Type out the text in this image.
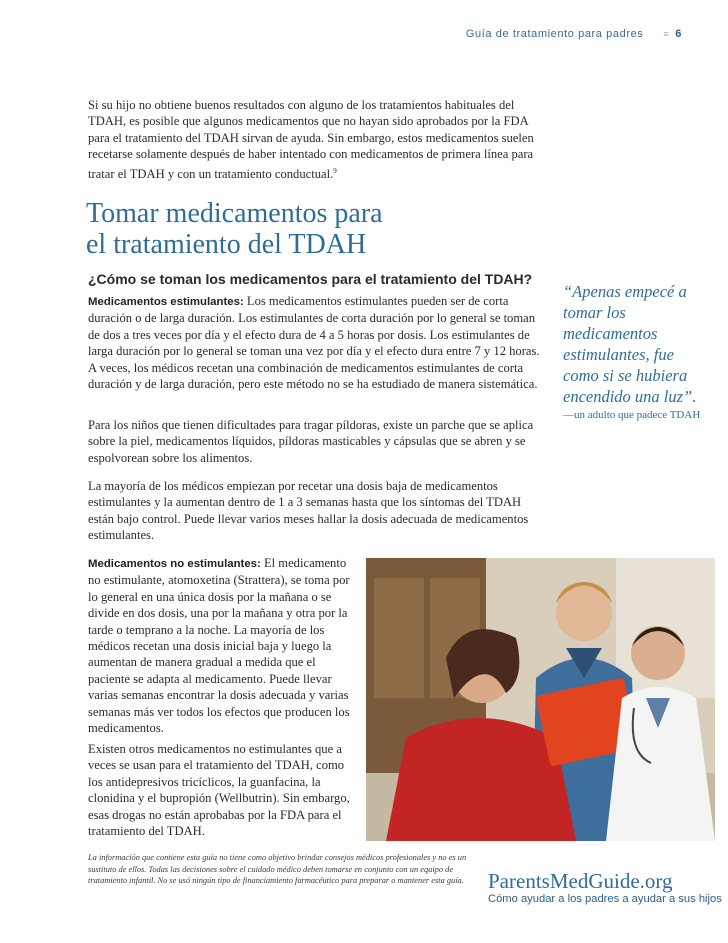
Guía de tratamiento para padres ≡ 6
Si su hijo no obtiene buenos resultados con alguno de los tratamientos habituales del TDAH, es posible que algunos medicamentos que no hayan sido aprobados por la FDA para el tratamiento del TDAH sirvan de ayuda. Sin embargo, estos medicamentos suelen recetarse solamente después de haber intentado con medicamentos de primera línea para tratar el TDAH y con un tratamiento conductual.$^9$
Tomar medicamentos para
el tratamiento del TDAH
¿Cómo se toman los medicamentos para el tratamiento del TDAH?
Medicamentos estimulantes: Los medicamentos estimulantes pueden ser de corta duración o de larga duración. Los estimulantes de corta duración por lo general se toman de dos a tres veces por día y el efecto dura de 4 a 5 horas por dosis. Los estimulantes de larga duración por lo general se toman una vez por día y el efecto dura entre 7 y 12 horas. A veces, los médicos recetan una combinación de medicamentos estimulantes de corta duración y de larga duración, pero este método no se ha estudiado de manera sistemática.
Para los niños que tienen dificultades para tragar píldoras, existe un parche que se aplica sobre la piel, medicamentos líquidos, píldoras masticables y cápsulas que se abren y se espolvorean sobre los alimentos.
La mayoría de los médicos empiezan por recetar una dosis baja de medicamentos estimulantes y la aumentan dentro de 1 a 3 semanas hasta que los síntomas del TDAH están bajo control. Puede llevar varios meses hallar la dosis adecuada de medicamentos estimulantes.
Medicamentos no estimulantes: El medicamento no estimulante, atomoxetina (Strattera), se toma por lo general en una única dosis por la mañana o se divide en dos dosis, una por la mañana y otra por la tarde o temprano a la noche. La mayoría de los médicos recetan una dosis inicial baja y luego la aumentan de manera gradual a medida que el paciente se adapta al medicamento. Puede llevar varias semanas encontrar la dosis adecuada y varias semanas más ver todos los efectos que producen los medicamentos.
Existen otros medicamentos no estimulantes que a veces se usan para el tratamiento del TDAH, como los antidepresivos tricíclicos, la guanfacina, la clonidina y el bupropión (Wellbutrin). Sin embargo, esas drogas no están aprobabas por la FDA para el tratamiento del TDAH.
“Apenas empecé a tomar los medicamentos estimulantes, fue como si se hubiera encendido una luz”.
—un adulto que padece TDAH
La información que contiene esta guía no tiene como objetivo brindar consejos médicos profesionales y no es un sustituto de ellos. Todas las decisiones sobre el cuidado médico deben tomarse en conjunto con un equipo de tratamiento infantil. No se usó ningún tipo de financiamiento farmacéutico para preparar o mantener esta guía.	ParentsMedGuide.org
Cómo ayudar a los padres a ayudar a sus hijos
